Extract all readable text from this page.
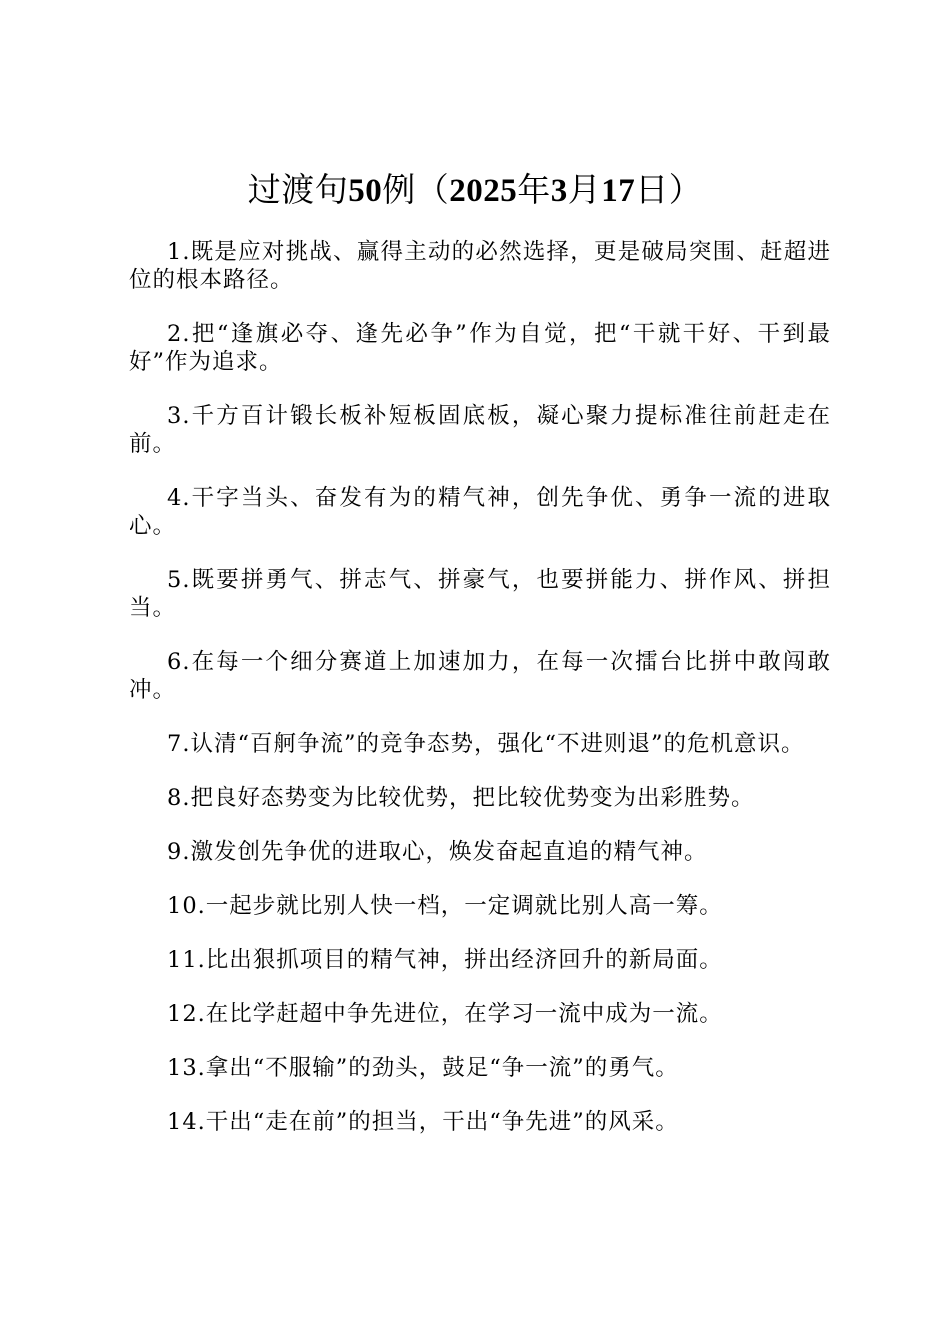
过渡句50例（2025年3月17日）

1.既是应对挑战、赢得主动的必然选择，更是破局突围、赶超进位的根本路径。

2.把“逢旗必夺、逢先必争”作为自觉，把“干就干好、干到最好”作为追求。

3.千方百计锻长板补短板固底板，凝心聚力提标准往前赶走在前。

4.干字当头、奋发有为的精气神，创先争优、勇争一流的进取心。

5.既要拼勇气、拼志气、拼豪气，也要拼能力、拼作风、拼担当。

6.在每一个细分赛道上加速加力，在每一次擂台比拼中敢闯敢冲。

7.认清“百舸争流”的竞争态势，强化“不进则退”的危机意识。

8.把良好态势变为比较优势，把比较优势变为出彩胜势。

9.激发创先争优的进取心，焕发奋起直追的精气神。

10.一起步就比别人快一档，一定调就比别人高一筹。

11.比出狠抓项目的精气神，拼出经济回升的新局面。

12.在比学赶超中争先进位，在学习一流中成为一流。

13.拿出“不服输”的劲头，鼓足“争一流”的勇气。

14.干出“走在前”的担当，干出“争先进”的风采。
